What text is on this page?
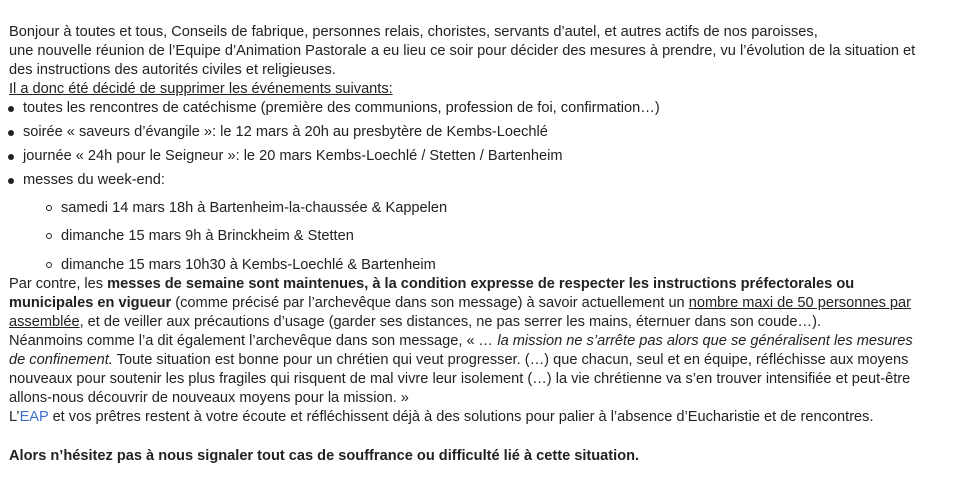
Bonjour à toutes et tous, Conseils de fabrique, personnes relais, choristes, servants d’autel, et autres actifs de nos paroisses,
une nouvelle réunion de l’Equipe d’Animation Pastorale a eu lieu ce soir pour décider des mesures à prendre, vu l’évolution de la situation et
des instructions des autorités civiles et religieuses.
Il a donc été décidé de supprimer les événements suivants:
toutes les rencontres de catéchisme (première des communions, profession de foi, confirmation…)
soirée « saveurs d’évangile »: le 12 mars à 20h au presbytère de Kembs-Loechlé
journée « 24h pour le Seigneur »: le 20 mars Kembs-Loechlé / Stetten / Bartenheim
messes du week-end:
samedi 14 mars 18h à Bartenheim-la-chaussée & Kappelen
dimanche 15 mars 9h à Brinckheim & Stetten
dimanche 15 mars 10h30 à Kembs-Loechlé & Bartenheim
Par contre, les messes de semaine sont maintenues, à la condition expresse de respecter les instructions préfectorales ou
municipales en vigueur (comme précisé par l’archevêque dans son message) à savoir actuellement un nombre maxi de 50 personnes par
assemblée, et de veiller aux précautions d’usage (garder ses distances, ne pas serrer les mains, éternuer dans son coude…).
Néanmoins comme l’a dit également l’archevêque dans son message, « … la mission ne s’arrête pas alors que se généralisent les mesures
de confinement. Toute situation est bonne pour un chrétien qui veut progresser. (…) que chacun, seul et en équipe, réfléchisse aux moyens
nouveaux pour soutenir les plus fragiles qui risquent de mal vivre leur isolement (…) la vie chrétienne va s’en trouver intensifiée et peut-être
allons-nous découvrir de nouveaux moyens pour la mission. »
L’EAP et vos prêtres restent à votre écoute et réfléchissent déjà à des solutions pour palier à l’absence d’Eucharistie et de rencontres.
Alors n’hésitez pas à nous signaler tout cas de souffrance ou difficulté lié à cette situation.
